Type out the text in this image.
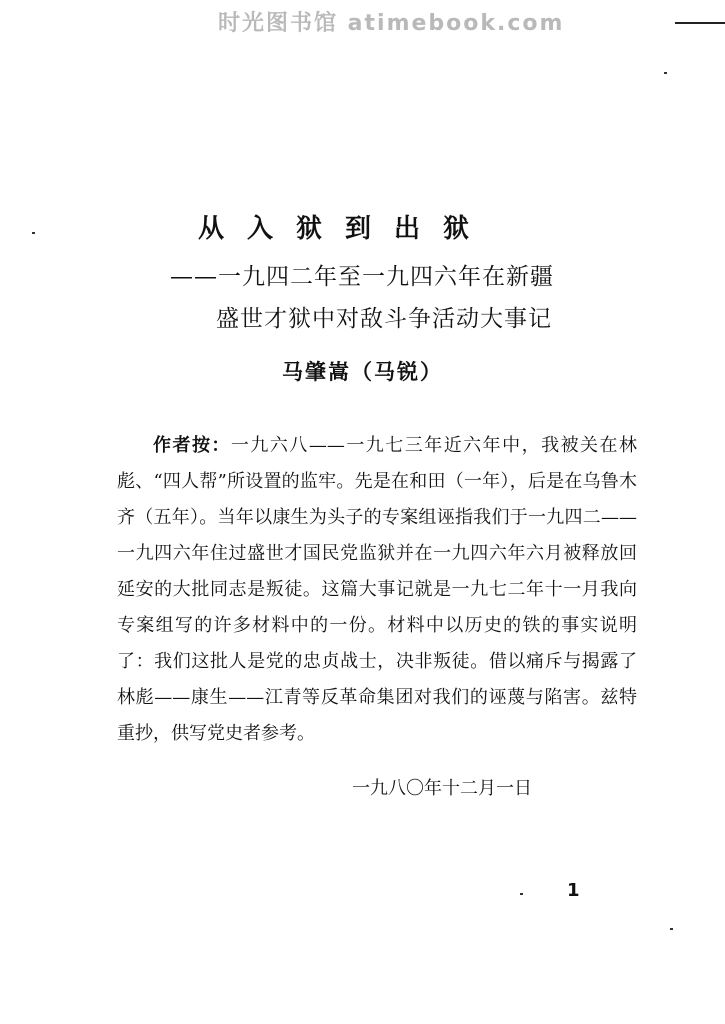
时光图书馆 atimebook.com
从入狱到出狱
——一九四二年至一九四六年在新疆
盛世才狱中对敌斗争活动大事记
马肇嵩（马锐）

作者按：一九六八——一九七三年近六年中，我被关在林彪、“四人帮”所设置的监牢。先是在和田（一年），后是在乌鲁木齐（五年）。当年以康生为头子的专案组诬指我们于一九四二——一九四六年住过盛世才国民党监狱并在一九四六年六月被释放回延安的大批同志是叛徒。这篇大事记就是一九七二年十一月我向专案组写的许多材料中的一份。材料中以历史的铁的事实说明了：我们这批人是党的忠贞战士，决非叛徒。借以痛斥与揭露了林彪——康生——江青等反革命集团对我们的诬蔑与陷害。兹特重抄，供写党史者参考。

一九八〇年十二月一日
1
